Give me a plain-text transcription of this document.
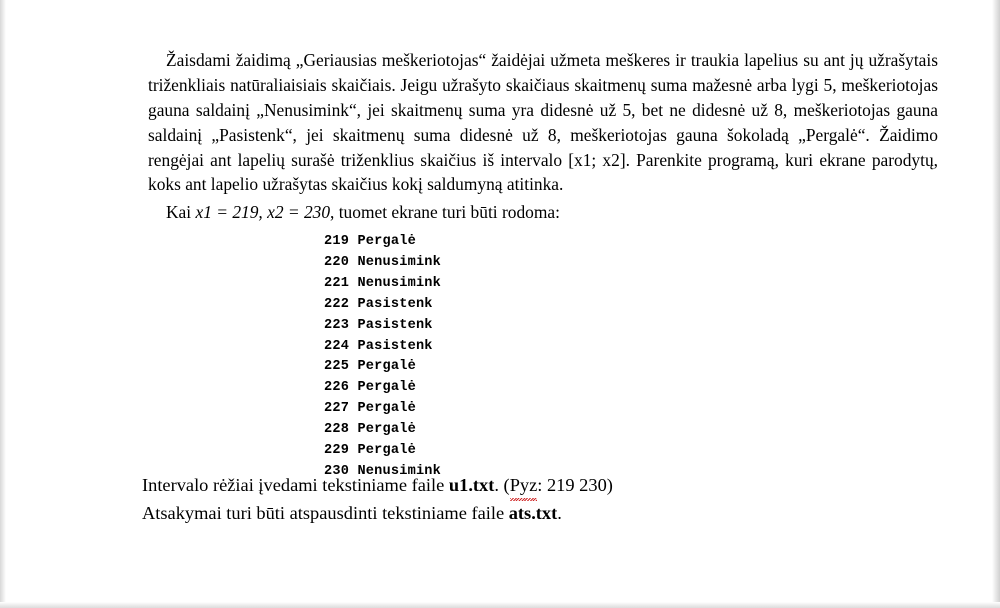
Žaisdami žaidimą „Geriausias meškeriotojas“ žaidėjai užmeta meškeres ir traukia lapelius su ant jų užrašytais triženkliais natūraliaisiais skaičiais. Jeigu užrašyto skaičiaus skaitmenų suma mažesnė arba lygi 5, meškeriotojas gauna saldainį „Nenusimink“, jei skaitmenų suma yra didesnė už 5, bet ne didesnė už 8, meškeriotojas gauna saldainį „Pasistenk“, jei skaitmenų suma didesnė už 8, meškeriotojas gauna šokoladą „Pergalė“. Žaidimo rengėjai ant lapelių surašė triženklius skaičius iš intervalo [x1; x2]. Parenkite programą, kuri ekrane parodytų, koks ant lapelio užrašytas skaičius kokį saldumyną atitinka.

Kai x1 = 219, x2 = 230, tuomet ekrane turi būti rodoma:

219 Pergalė
220 Nenusimink
221 Nenusimink
222 Pasistenk
223 Pasistenk
224 Pasistenk
225 Pergalė
226 Pergalė
227 Pergalė
228 Pergalė
229 Pergalė
230 Nenusimink
Intervalo rėžiai įvedami tekstiniame faile u1.txt. (Pyz: 219 230)
Atsakymai turi būti atspausdinti tekstiniame faile ats.txt.
